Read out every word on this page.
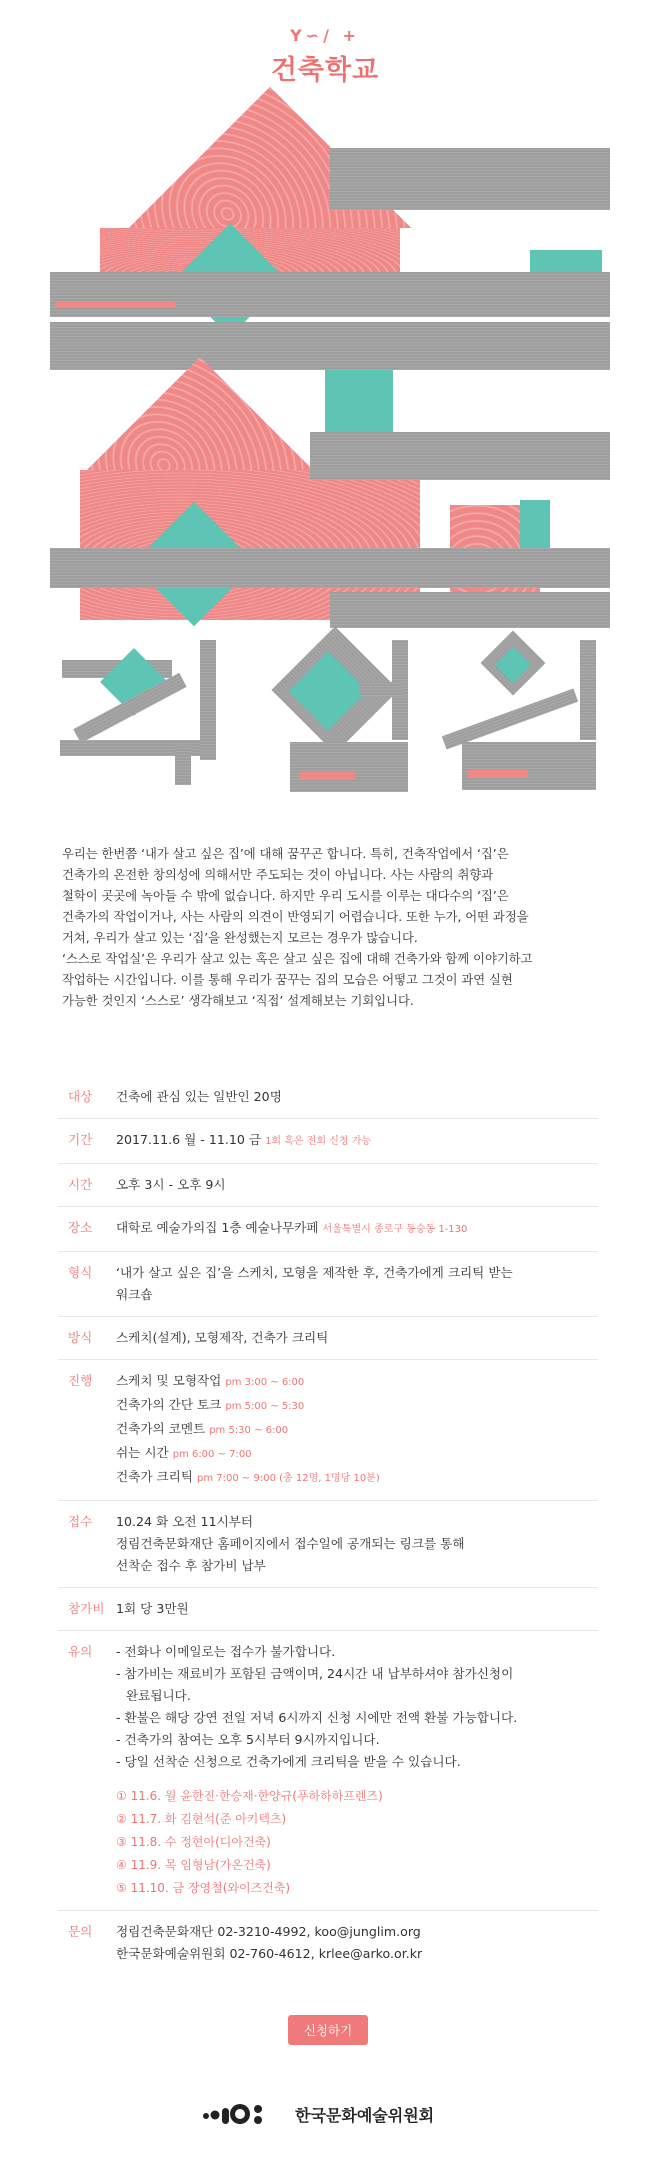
Y∽/ +
건축학교

우리는 한번쯤 ‘내가 살고 싶은 집’에 대해 꿈꾸곤 합니다. 특히, 건축작업에서 ‘집’은

건축가의 온전한 창의성에 의해서만 주도되는 것이 아닙니다. 사는 사람의 취향과

철학이 곳곳에 녹아들 수 밖에 없습니다. 하지만 우리 도시를 이루는 대다수의 ‘집’은

건축가의 작업이거나, 사는 사람의 의견이 반영되기 어렵습니다. 또한 누가, 어떤 과정을

거쳐, 우리가 살고 있는 ‘집’을 완성했는지 모르는 경우가 많습니다.

‘스스로 작업실’은 우리가 살고 있는 혹은 살고 싶은 집에 대해 건축가와 함께 이야기하고

작업하는 시간입니다. 이를 통해 우리가 꿈꾸는 집의 모습은 어떻고 그것이 과연 실현

가능한 것인지 ‘스스로’ 생각해보고 ‘직접’ 설계해보는 기회입니다.

대상	건축에 관심 있는 일반인 20명
기간	2017.11.6 월 - 11.10 금 1회 혹은 전회 신청 가능
시간	오후 3시 - 오후 9시
장소	대학로 예술가의집 1층 예술나무카페 서울특별시 종로구 동숭동 1-130
형식	‘내가 살고 싶은 집’을 스케치, 모형을 제작한 후, 건축가에게 크리틱 받는
워크숍
방식	스케치(설계), 모형제작, 건축가 크리틱
진행	스케치 및 모형작업 pm 3:00 ~ 6:00
건축가의 간단 토크 pm 5:00 ~ 5:30
건축가의 코멘트 pm 5:30 ~ 6:00
쉬는 시간 pm 6:00 ~ 7:00
건축가 크리틱 pm 7:00 ~ 9:00 (총 12명, 1명당 10분)
접수	10.24 화 오전 11시부터
정림건축문화재단 홈페이지에서 접수일에 공개되는 링크를 통해
선착순 접수 후 참가비 납부
참가비 1회 당 3만원
유의	- 전화나 이메일로는 접수가 불가합니다.
- 참가비는 재료비가 포함된 금액이며, 24시간 내 납부하셔야 참가신청이
완료됩니다.
- 환불은 해당 강연 전일 저녁 6시까지 신청 시에만 전액 환불 가능합니다.
- 건축가의 참여는 오후 5시부터 9시까지입니다.
- 당일 선착순 신청으로 건축가에게 크리틱을 받을 수 있습니다.
① 11.6. 월 윤한진·한승재·한양규(푸하하하프렌즈)
② 11.7. 화 김현석(준 아키텍츠)
③ 11.8. 수 정현아(디아건축)
④ 11.9. 목 임형남(가온건축)
⑤ 11.10. 금 장영철(와이즈건축)
문의	정림건축문화재단 02-3210-4992, koo@junglim.org
한국문화예술위원회 02-760-4612, krlee@arko.or.kr
신청하기
한국문화예술위원회
